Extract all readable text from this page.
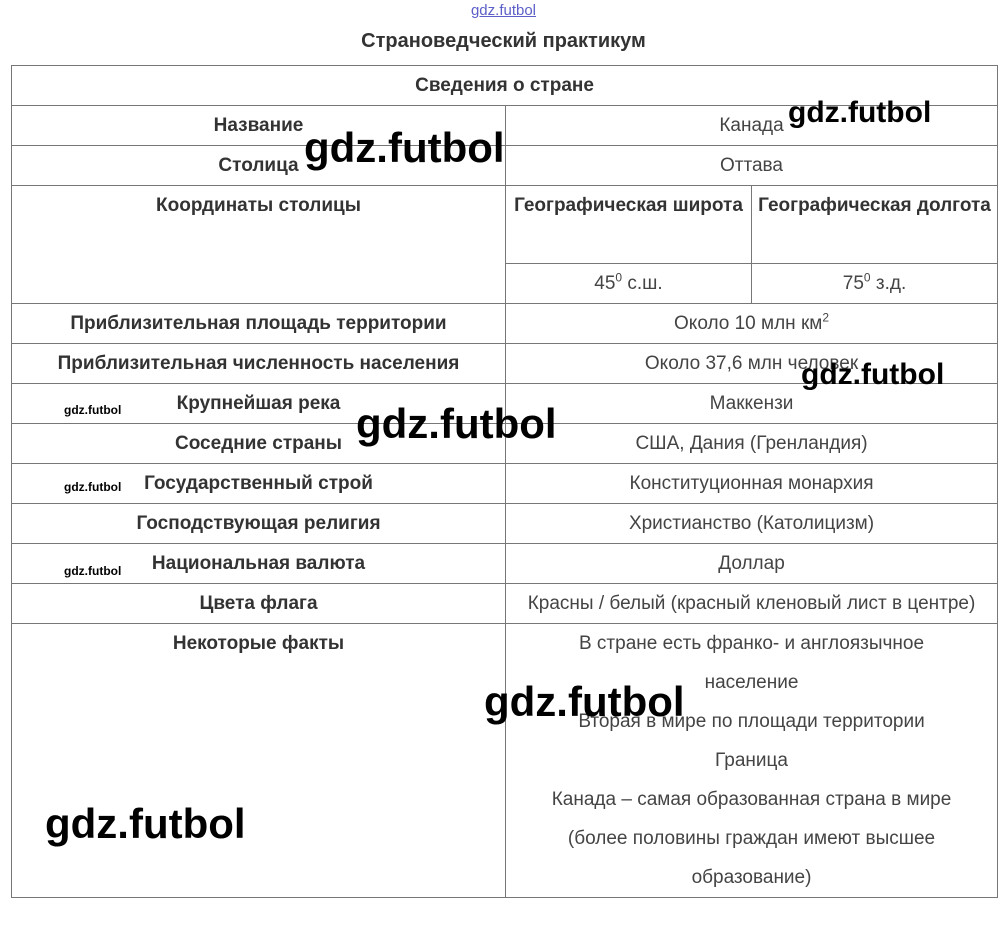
gdz.futbol
Страноведческий практикум
Сведения о стране		
Название	Канада	
Столица	Оттава	
Координаты столицы	Географическая широта	Географическая долгота
	$45^0$ с.ш.	$75^0$ з.д.
Приблизительная площадь территории	Около 10 млн $км^2$
Приблизительная численность населения	Около 37,6 млн человек	
Крупнейшая река	Маккензи	
Соседние страны	США, Дания (Гренландия)	
Государственный строй	Конституционная монархия	
Господствующая религия	Христианство (Католицизм)	
Национальная валюта	Доллар	
Цвета флага	Красны / белый (красный кленовый лист в центре)	
Некоторые факты	В стране есть франко- и англоязычное население
Вторая в мире по площади территории
Граница
Канада – самая образованная страна в мире (более половины граждан имеют высшее образование)	
gdz.futbol
gdz.futbol
gdz.futbol
gdz.futbol	gdz.futbol
gdz.futbol
gdz.futbol
gdz.futbol
gdz.futbol
